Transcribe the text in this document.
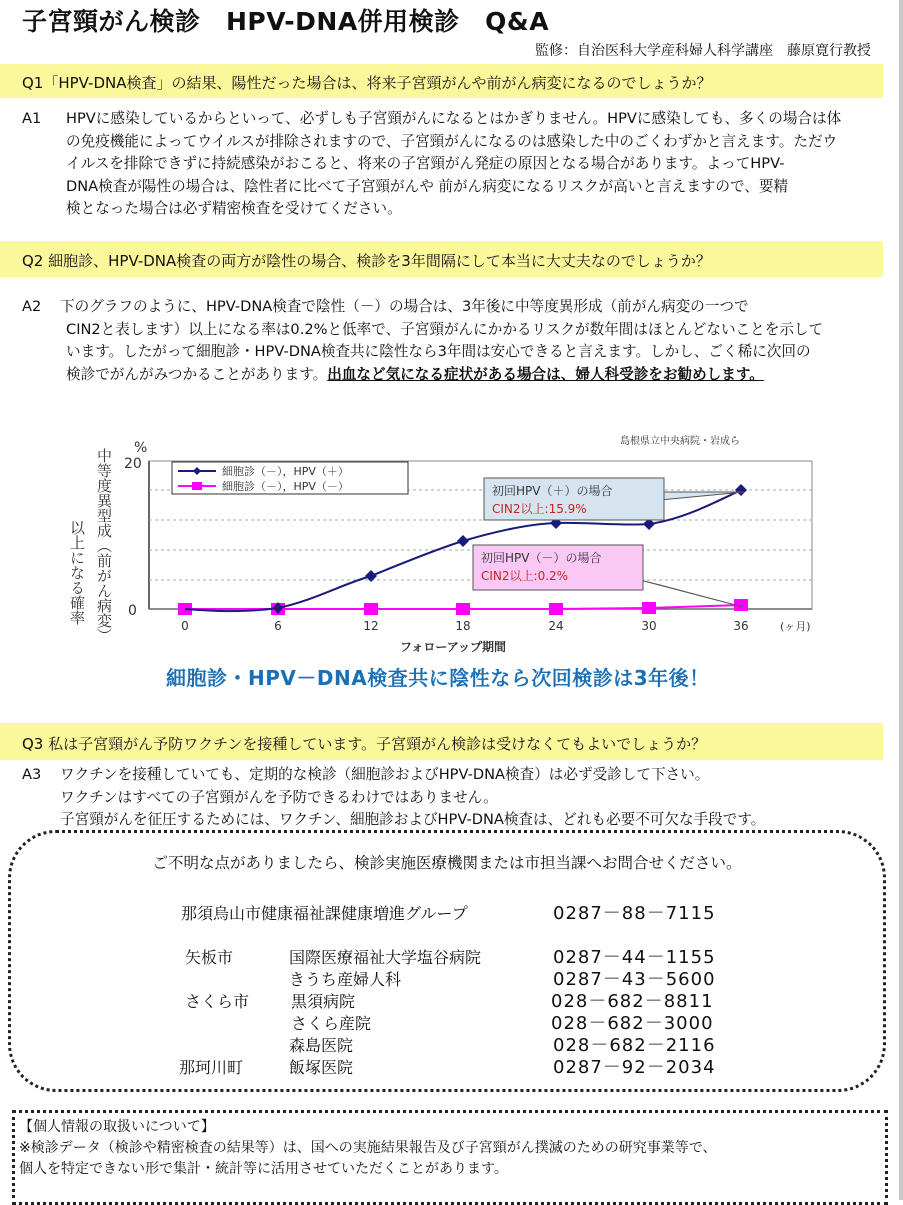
子宮頸がん検診　HPV-DNA併用検診　Q&A
監修：自治医科大学産科婦人科学講座　藤原寛行教授
Q1「HPV-DNA検査」の結果、陽性だった場合は、将来子宮頸がんや前がん病変になるのでしょうか？
A1 HPVに感染しているからといって、必ずしも子宮頸がんになるとはかぎりません。HPVに感染しても、多くの場合は体
の免疫機能によってウイルスが排除されますので、子宮頸がんになるのは感染した中のごくわずかと言えます。ただウ
イルスを排除できずに持続感染がおこると、将来の子宮頸がん発症の原因となる場合があります。よってHPV-
DNA検査が陽性の場合は、陰性者に比べて子宮頸がんや 前がん病変になるリスクが高いと言えますので、要精
検となった場合は必ず精密検査を受けてください。
Q2 細胞診、HPV-DNA検査の両方が陰性の場合、検診を3年間隔にして本当に大丈夫なのでしょうか？
A2 下のグラフのように、HPV-DNA検査で陰性（－）の場合は、3年後に中等度異形成（前がん病変の一つで
CIN2と表します）以上になる率は0.2%と低率で、子宮頸がんにかかるリスクが数年間はほとんどないことを示して
います。したがって細胞診・HPV-DNA検査共に陰性なら3年間は安心できると言えます。しかし、ごく稀に次回の
検診でがんがみつかることがあります。出血など気になる症状がある場合は、婦人科受診をお勧めします。
中等度異型成（前がん病変）
以上になる確率
%
20
0
0	6	12	18	24	30	36	(ヶ月)
フォローアップ期間
島根県立中央病院・岩成ら
細胞診（－），HPV（＋）
細胞診（－），HPV（－）	初回HPV（＋）の場合
CIN2以上:15.9%
初回HPV（－）の場合
CIN2以上:0.2%
細胞診・HPV－DNA検査共に陰性なら次回検診は3年後！
Q3 私は子宮頸がん予防ワクチンを接種しています。子宮頸がん検診は受けなくてもよいでしょうか？
A3 ワクチンを接種していても、定期的な検診（細胞診およびHPV-DNA検査）は必ず受診して下さい。
ワクチンはすべての子宮頸がんを予防できるわけではありません。
子宮頸がんを征圧するためには、ワクチン、細胞診およびHPV-DNA検査は、どれも必要不可欠な手段です。
ご不明な点がありましたら、検診実施医療機関または市担当課へお問合せください。
那須烏山市健康福祉課健康増進グループ	0287－88－7115
矢板市	国際医療福祉大学塩谷病院	0287－44－1155
きうち産婦人科	0287－43－5600
さくら市	黒須病院	028－682－8811
さくら産院	028－682－3000
森島医院	028－682－2116
那珂川町	飯塚医院	0287－92－2034
【個人情報の取扱いについて】
※検診データ（検診や精密検査の結果等）は、国への実施結果報告及び子宮頸がん撲滅のための研究事業等で、
個人を特定できない形で集計・統計等に活用させていただくことがあります。
